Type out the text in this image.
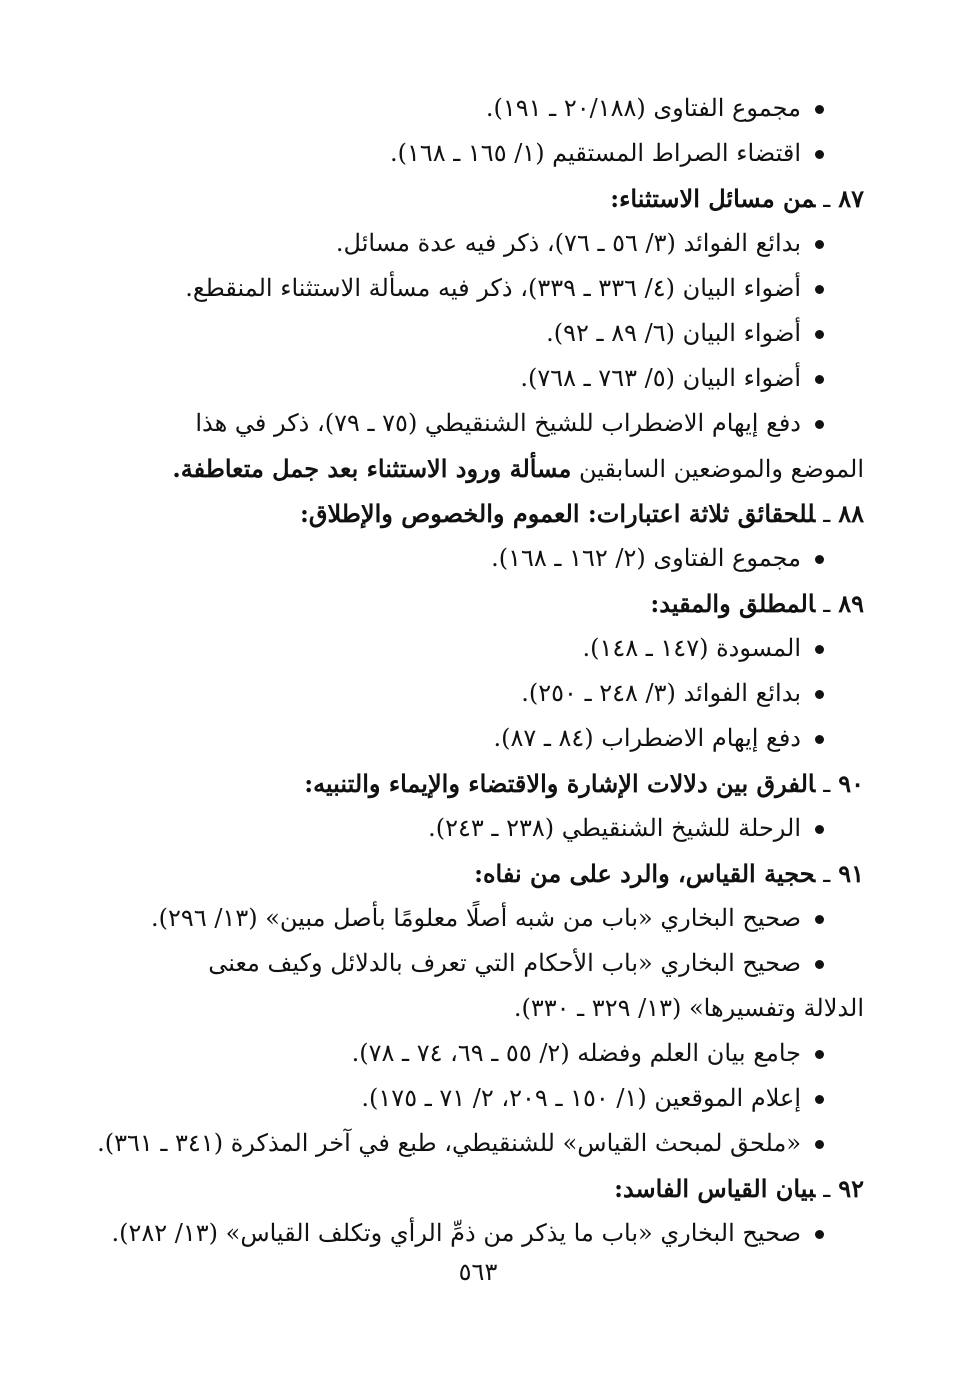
مجموع الفتاوى (٢٠/١٨٨ ـ ١٩١).
اقتضاء الصراط المستقيم (١/ ١٦٥ ـ ١٦٨).
٨٧ـمن مسائل الاستثناء:
بدائع الفوائد (٣/ ٥٦ ـ ٧٦)، ذكر فيه عدة مسائل.
أضواء البيان (٤/ ٣٣٦ ـ ٣٣٩)، ذكر فيه مسألة الاستثناء المنقطع.
أضواء البيان (٦/ ٨٩ ـ ٩٢).
أضواء البيان (٥/ ٧٦٣ ـ ٧٦٨).
دفع إيهام الاضطراب للشيخ الشنقيطي (٧٥ ـ ٧٩)، ذكر في هذا
الموضع والموضعين السابقين مسألة ورود الاستثناء بعد جمل متعاطفة.
٨٨ـللحقائق ثلاثة اعتبارات: العموم والخصوص والإطلاق:
مجموع الفتاوى (٢/ ١٦٢ ـ ١٦٨).
٨٩ـالمطلق والمقيد:
المسودة (١٤٧ ـ ١٤٨).
بدائع الفوائد (٣/ ٢٤٨ ـ ٢٥٠).
دفع إيهام الاضطراب (٨٤ ـ ٨٧).
٩٠ـالفرق بين دلالات الإشارة والاقتضاء والإيماء والتنبيه:
الرحلة للشيخ الشنقيطي (٢٣٨ ـ ٢٤٣).
٩١ـحجية القياس، والرد على من نفاه:
صحيح البخاري «باب من شبه أصلًا معلومًا بأصل مبين» (١٣/ ٢٩٦).
صحيح البخاري «باب الأحكام التي تعرف بالدلائل وكيف معنى
الدلالة وتفسيرها» (١٣/ ٣٢٩ ـ ٣٣٠).
جامع بيان العلم وفضله (٢/ ٥٥ ـ ٦٩، ٧٤ ـ ٧٨).
إعلام الموقعين (١/ ١٥٠ ـ ٢٠٩، ٢/ ٧١ ـ ١٧٥).
«ملحق لمبحث القياس» للشنقيطي، طبع في آخر المذكرة (٣٤١ ـ ٣٦١).
٩٢ـبيان القياس الفاسد:
صحيح البخاري «باب ما يذكر من ذمِّ الرأي وتكلف القياس» (١٣/ ٢٨٢).
٥٦٣
